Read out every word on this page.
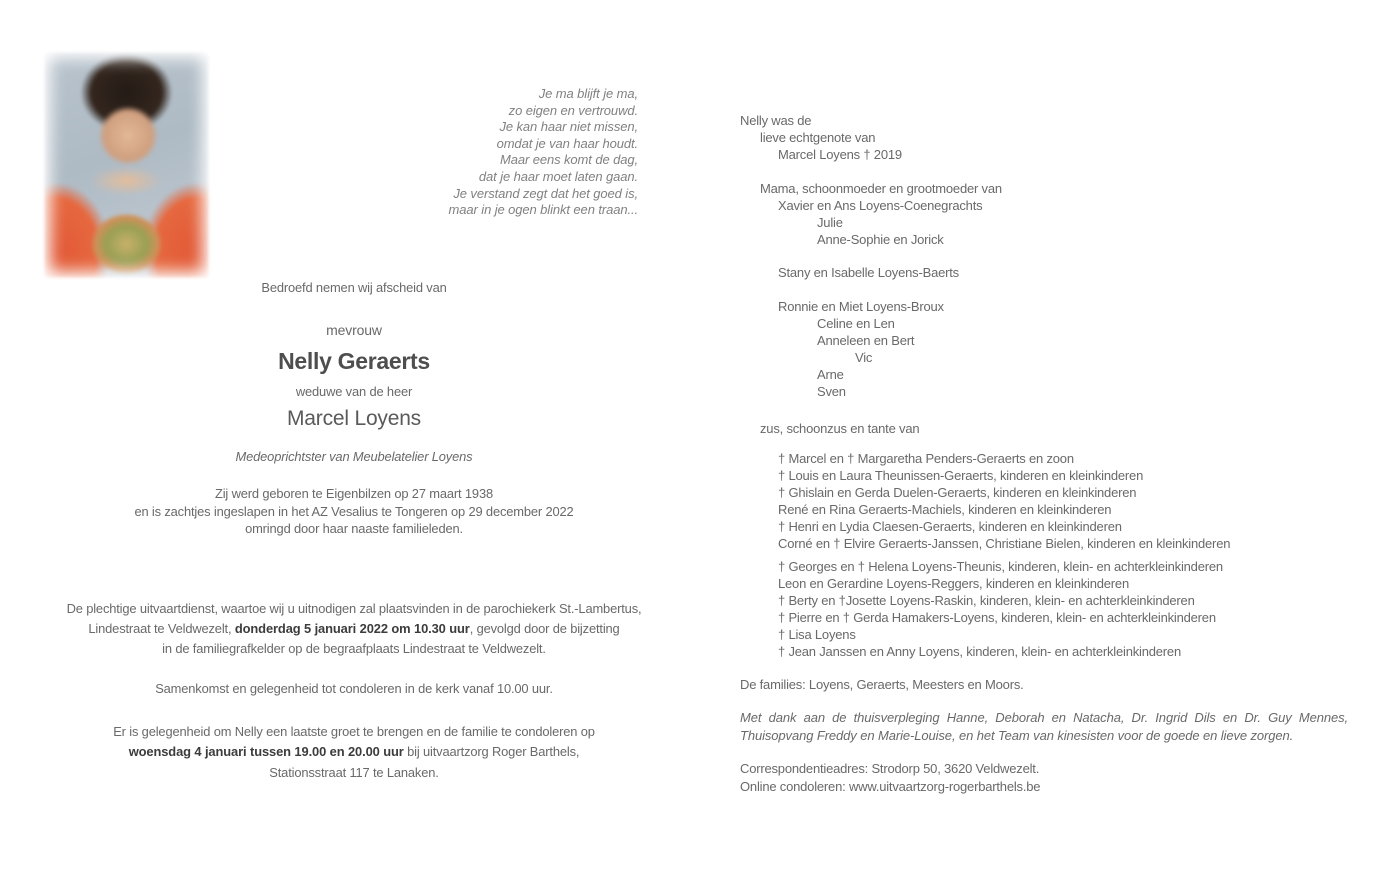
Je ma blijft je ma,
zo eigen en vertrouwd.
Je kan haar niet missen,
omdat je van haar houdt.
Maar eens komt de dag,
dat je haar moet laten gaan.
Je verstand zegt dat het goed is,
maar in je ogen blinkt een traan...

Bedroefd nemen wij afscheid van

mevrouw

Nelly Geraerts

weduwe van de heer

Marcel Loyens

Medeoprichtster van Meubelatelier Loyens

Zij werd geboren te Eigenbilzen op 27 maart 1938
en is zachtjes ingeslapen in het AZ Vesalius te Tongeren op 29 december 2022
omringd door haar naaste familieleden.
De plechtige uitvaartdienst, waartoe wij u uitnodigen zal plaatsvinden in de parochiekerk St.-Lambertus,
Lindestraat te Veldwezelt, donderdag 5 januari 2022 om 10.30 uur, gevolgd door de bijzetting
in de familiegrafkelder op de begraafplaats Lindestraat te Veldwezelt.

Samenkomst en gelegenheid tot condoleren in de kerk vanaf 10.00 uur.

Er is gelegenheid om Nelly een laatste groet te brengen en de familie te condoleren op
woensdag 4 januari tussen 19.00 en 20.00 uur bij uitvaartzorg Roger Barthels,
Stationsstraat 117 te Lanaken.
Nelly was de
lieve echtgenote van
Marcel Loyens † 2019
Mama, schoonmoeder en grootmoeder van
Xavier en Ans Loyens-Coenegrachts
Julie
Anne-Sophie en Jorick
Stany en Isabelle Loyens-Baerts
Ronnie en Miet Loyens-Broux
Celine en Len
Anneleen en Bert
Vic
Arne
Sven
zus, schoonzus en tante van
† Marcel en † Margaretha Penders-Geraerts en zoon
† Louis en Laura Theunissen-Geraerts, kinderen en kleinkinderen
† Ghislain en Gerda Duelen-Geraerts, kinderen en kleinkinderen
René en Rina Geraerts-Machiels, kinderen en kleinkinderen
† Henri en Lydia Claesen-Geraerts, kinderen en kleinkinderen
Corné en † Elvire Geraerts-Janssen, Christiane Bielen, kinderen en kleinkinderen
† Georges en † Helena Loyens-Theunis, kinderen, klein- en achterkleinkinderen
Leon en Gerardine Loyens-Reggers, kinderen en kleinkinderen
† Berty en †Josette Loyens-Raskin, kinderen, klein- en achterkleinkinderen
† Pierre en † Gerda Hamakers-Loyens, kinderen, klein- en achterkleinkinderen
† Lisa Loyens
† Jean Janssen en Anny Loyens, kinderen, klein- en achterkleinkinderen

De families: Loyens, Geraerts, Meesters en Moors.

Met dank aan de thuisverpleging Hanne, Deborah en Natacha, Dr. Ingrid Dils en Dr. Guy Mennes, Thuisopvang Freddy en Marie-Louise, en het Team van kinesisten voor de goede en lieve zorgen.

Correspondentieadres: Strodorp 50, 3620 Veldwezelt.

Online condoleren: www.uitvaartzorg-rogerbarthels.be
